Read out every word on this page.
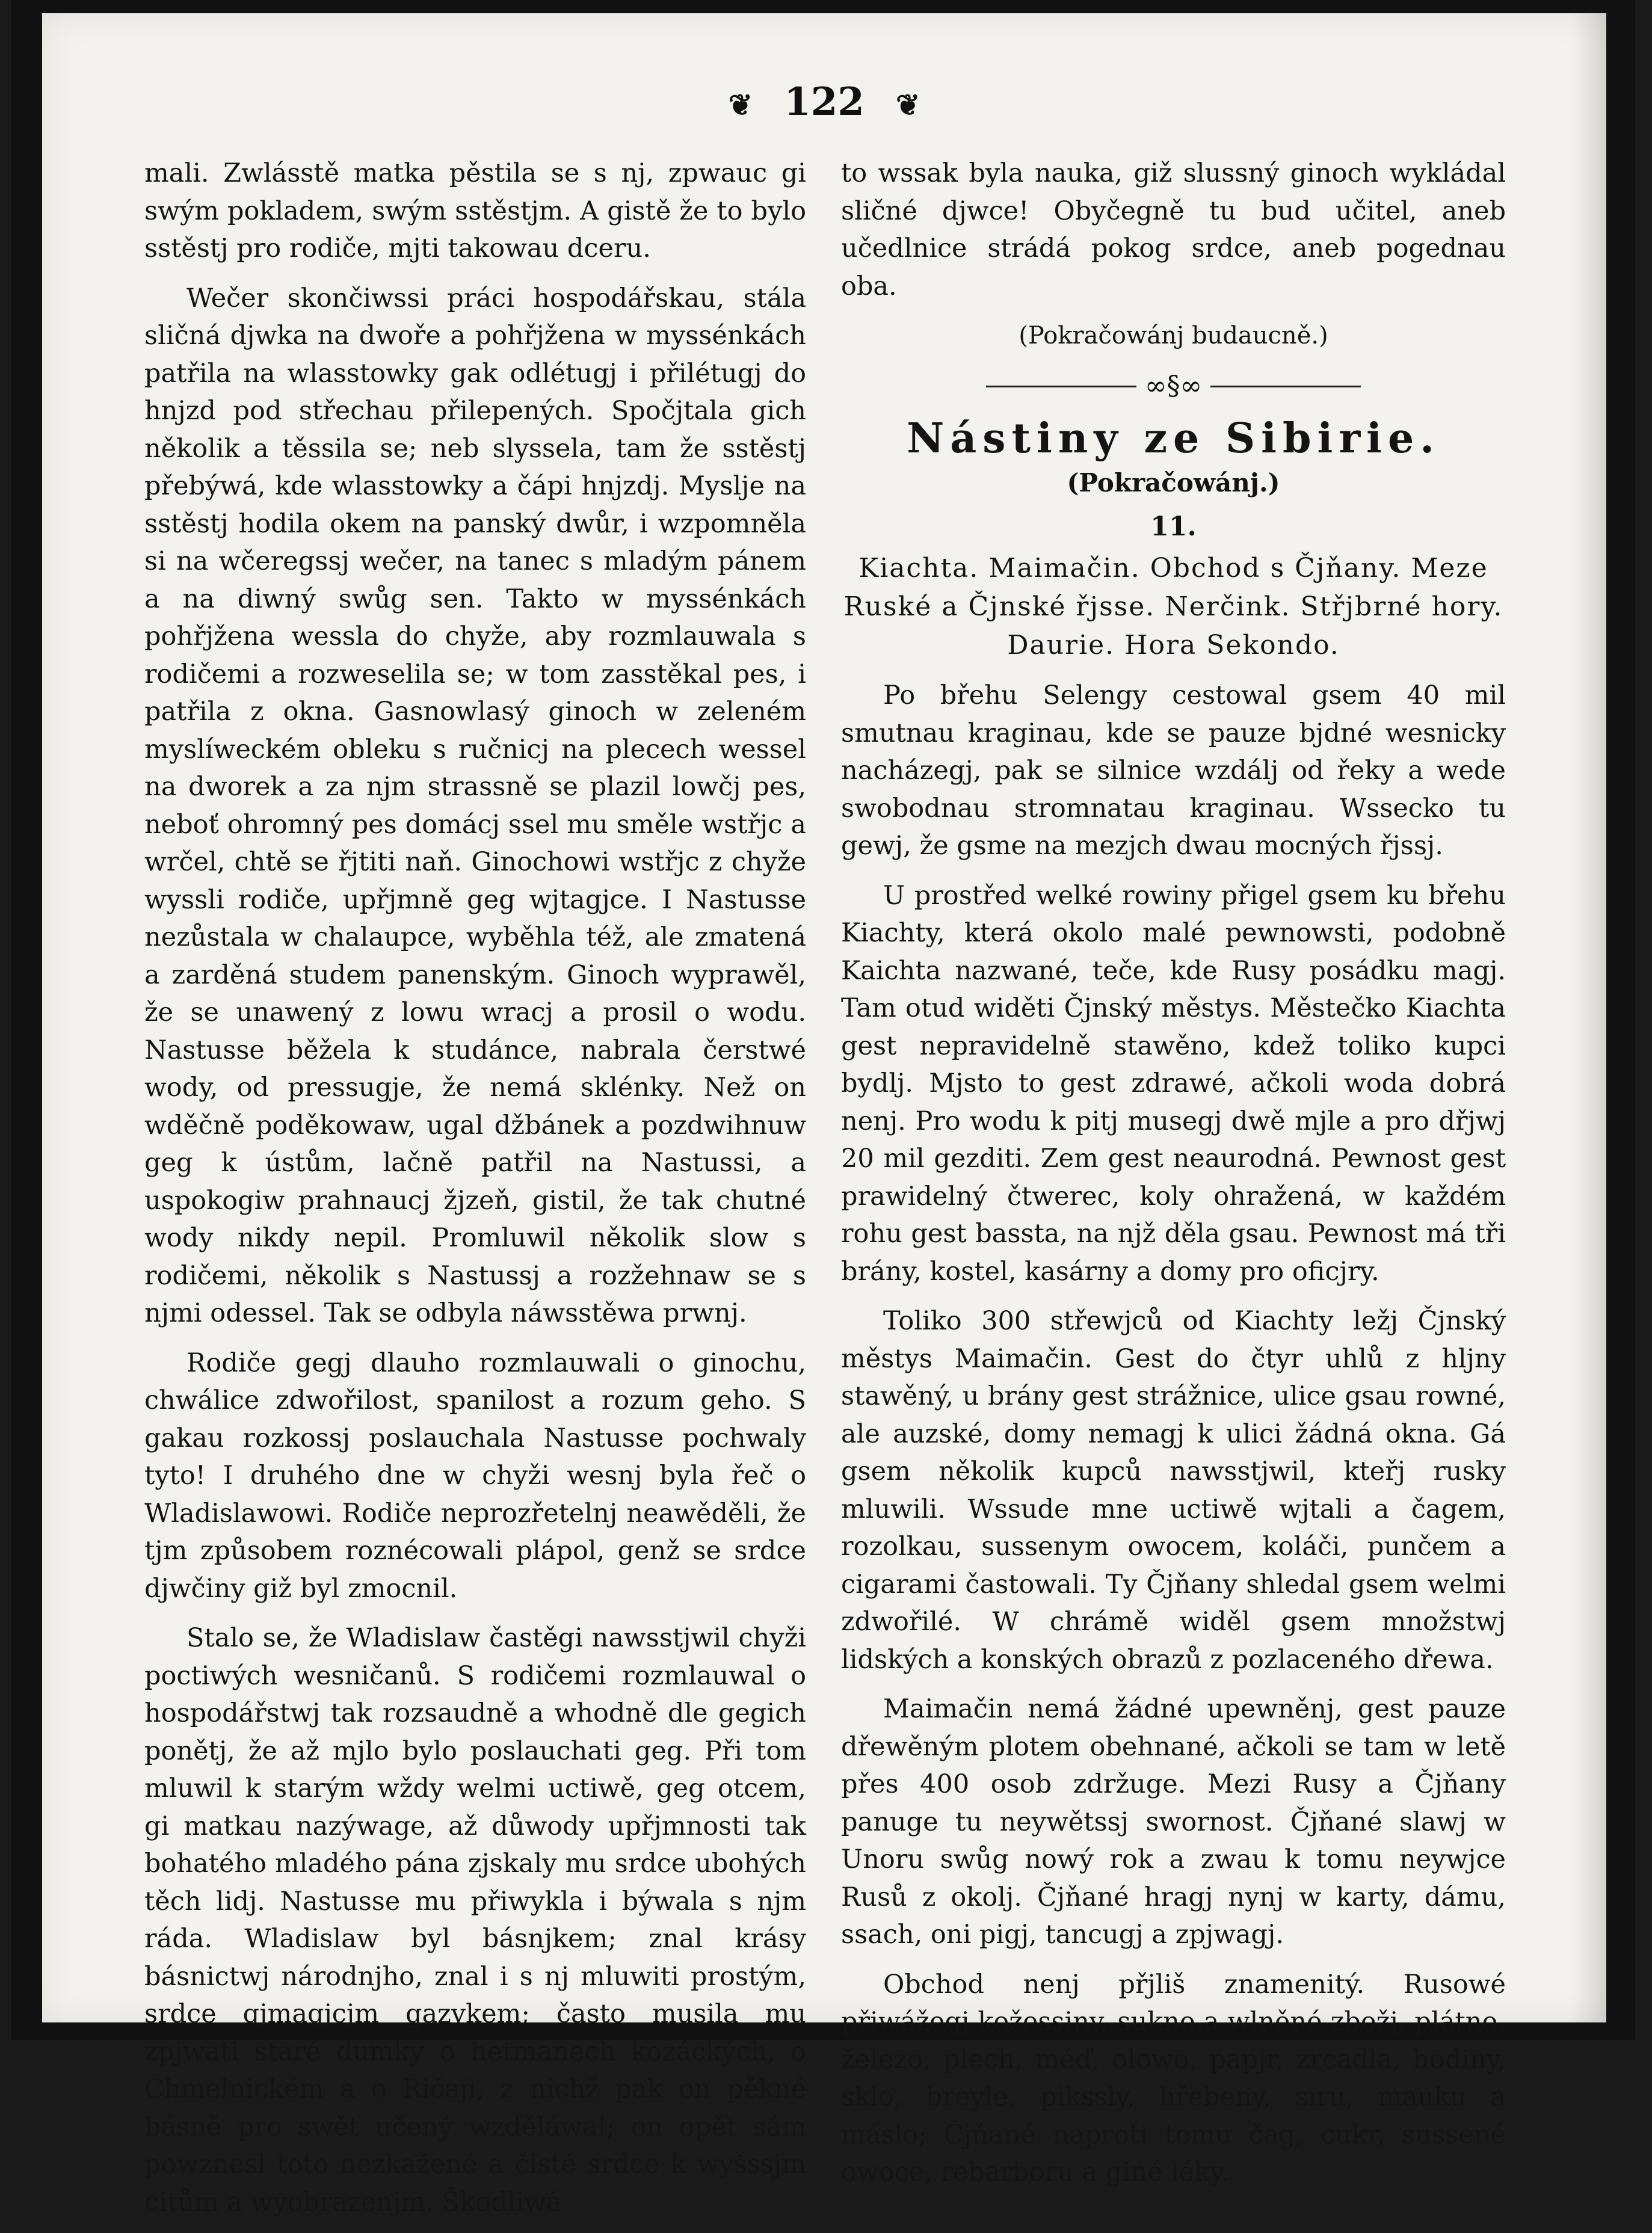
❦ 122 ❦

mali. Zwlásstě matka pěstila se s nj, zpwauc gi swým pokladem, swým sstěstjm. A gistě že to bylo sstěstj pro rodiče, mjti takowau dceru.

Wečer skončiwssi práci hospodářskau, stála sličná djwka na dwoře a pohřjžena w myssénkách patřila na wlasstowky gak odlétugj i přilétugj do hnjzd pod střechau přilepených. Spočjtala gich několik a těssila se; neb slyssela, tam že sstěstj přebýwá, kde wlasstowky a čápi hnjzdj. Myslje na sstěstj hodila okem na panský dwůr, i wzpomněla si na wčeregssj wečer, na tanec s mladým pánem a na diwný swůg sen. Takto w myssénkách pohřjžena wessla do chyže, aby rozmlauwala s rodičemi a rozweselila se; w tom zasstěkal pes, i patřila z okna. Gasnowlasý ginoch w zeleném myslíweckém obleku s ručnicj na plecech wessel na dworek a za njm strassně se plazil lowčj pes, neboť ohromný pes domácj ssel mu směle wstřjc a wrčel, chtě se řjtiti naň. Ginochowi wstřjc z chyže wyssli rodiče, upřjmně geg wjtagjce. I Nastusse nezůstala w chalaupce, wyběhla též, ale zmatená a zarděná studem panenským. Ginoch wyprawěl, že se unawený z lowu wracj a prosil o wodu. Nastusse běžela k studánce, nabrala čerstwé wody, od pressugje, že nemá sklénky. Než on wděčně poděkowaw, ugal džbánek a pozdwihnuw geg k ústům, lačně patřil na Nastussi, a uspokogiw prahnaucj žjzeň, gistil, že tak chutné wody nikdy nepil. Promluwil několik slow s rodičemi, několik s Nastussj a rozžehnaw se s njmi odessel. Tak se odbyla náwsstěwa prwnj.

Rodiče gegj dlauho rozmlauwali o ginochu, chwálice zdwořilost, spanilost a rozum geho. S gakau rozkossj poslauchala Nastusse pochwaly tyto! I druhého dne w chyži wesnj byla řeč o Wladislawowi. Rodiče neprozřetelnj neawěděli, že tjm způsobem roznécowali plápol, genž se srdce djwčiny giž byl zmocnil.

Stalo se, že Wladislaw častěgi nawsstjwil chyži poctiwých wesničanů. S rodičemi rozmlauwal o hospodářstwj tak rozsaudně a whodně dle gegich ponětj, že až mjlo bylo poslauchati geg. Při tom mluwil k starým wždy welmi uctiwě, geg otcem, gi matkau nazýwage, až důwody upřjmnosti tak bohatého mladého pána zjskaly mu srdce ubohých těch lidj. Nastusse mu přiwykla i býwala s njm ráda. Wladislaw byl básnjkem; znal krásy básnictwj národnjho, znal i s nj mluwiti prostým, srdce gjmagjcjm gazykem; často musila mu zpjwati staré dumky o hetmanech kozáckých, o Chmelnickém a o Ričaji, z nichž pak on pěkné básně pro swět učený wzděláwal; on opět sám powznesl toto nezkažené a čisté srdce k wyšssjm citům a wyobrazenjm. Škodliwá

to wssak byla nauka, giž slussný ginoch wykládal sličné djwce! Obyčegně tu bud učitel, aneb učedlnice strádá pokog srdce, aneb pogednau oba.

(Pokračowánj budaucně.)
∞§∞
Nástiny ze Sibirie.
(Pokračowánj.)
11.
Kiachta. Maimačin. Obchod s Čjňany. Meze Ruské a Čjnské řjsse. Nerčink. Střjbrné hory. Daurie. Hora Sekondo.

Po břehu Selengy cestowal gsem 40 mil smutnau kraginau, kde se pauze bjdné wesnicky nacházegj, pak se silnice wzdálj od řeky a wede swobodnau stromnatau kraginau. Wssecko tu gewj, že gsme na mezjch dwau mocných řjssj.

U prostřed welké rowiny přigel gsem ku břehu Kiachty, která okolo malé pewnowsti, podobně Kaichta nazwané, teče, kde Rusy posádku magj. Tam otud widěti Čjnský městys. Městečko Kiachta gest nepravidelně stawěno, kdež toliko kupci bydlj. Mjsto to gest zdrawé, ačkoli woda dobrá nenj. Pro wodu k pitj musegj dwě mjle a pro dřjwj 20 mil gezditi. Zem gest neaurodná. Pewnost gest prawidelný čtwerec, koly ohražená, w každém rohu gest bassta, na njž děla gsau. Pewnost má tři brány, kostel, kasárny a domy pro oficjry.

Toliko 300 střewjců od Kiachty ležj Čjnský městys Maimačin. Gest do čtyr uhlů z hljny stawěný, u brány gest strážnice, ulice gsau rowné, ale auzské, domy nemagj k ulici žádná okna. Gá gsem několik kupců nawsstjwil, kteřj rusky mluwili. Wssude mne uctiwě wjtali a čagem, rozolkau, sussenym owocem, koláči, punčem a cigarami častowali. Ty Čjňany shledal gsem welmi zdwořilé. W chrámě widěl gsem množstwj lidských a konských obrazů z pozlaceného dřewa.

Maimačin nemá žádné upewněnj, gest pauze dřewěným plotem obehnané, ačkoli se tam w letě přes 400 osob zdržuge. Mezi Rusy a Čjňany panuge tu neywětssj swornost. Čjňané slawj w Unoru swůg nowý rok a zwau k tomu neywjce Rusů z okolj. Čjňané hragj nynj w karty, dámu, ssach, oni pigj, tancugj a zpjwagj.

Obchod nenj přjliš znamenitý. Rusowé přiwážegj kožessiny, sukno a wlněné zbožj, plátno, železo, plech, měď, olowo, papjr, zrcadla, hodiny, sklo, breyle, pikssly, hřebeny, siru, mauku a máslo; Čjňané naproti tomu čag, cukr, sussené owoce, rebarboru a giné léky.
